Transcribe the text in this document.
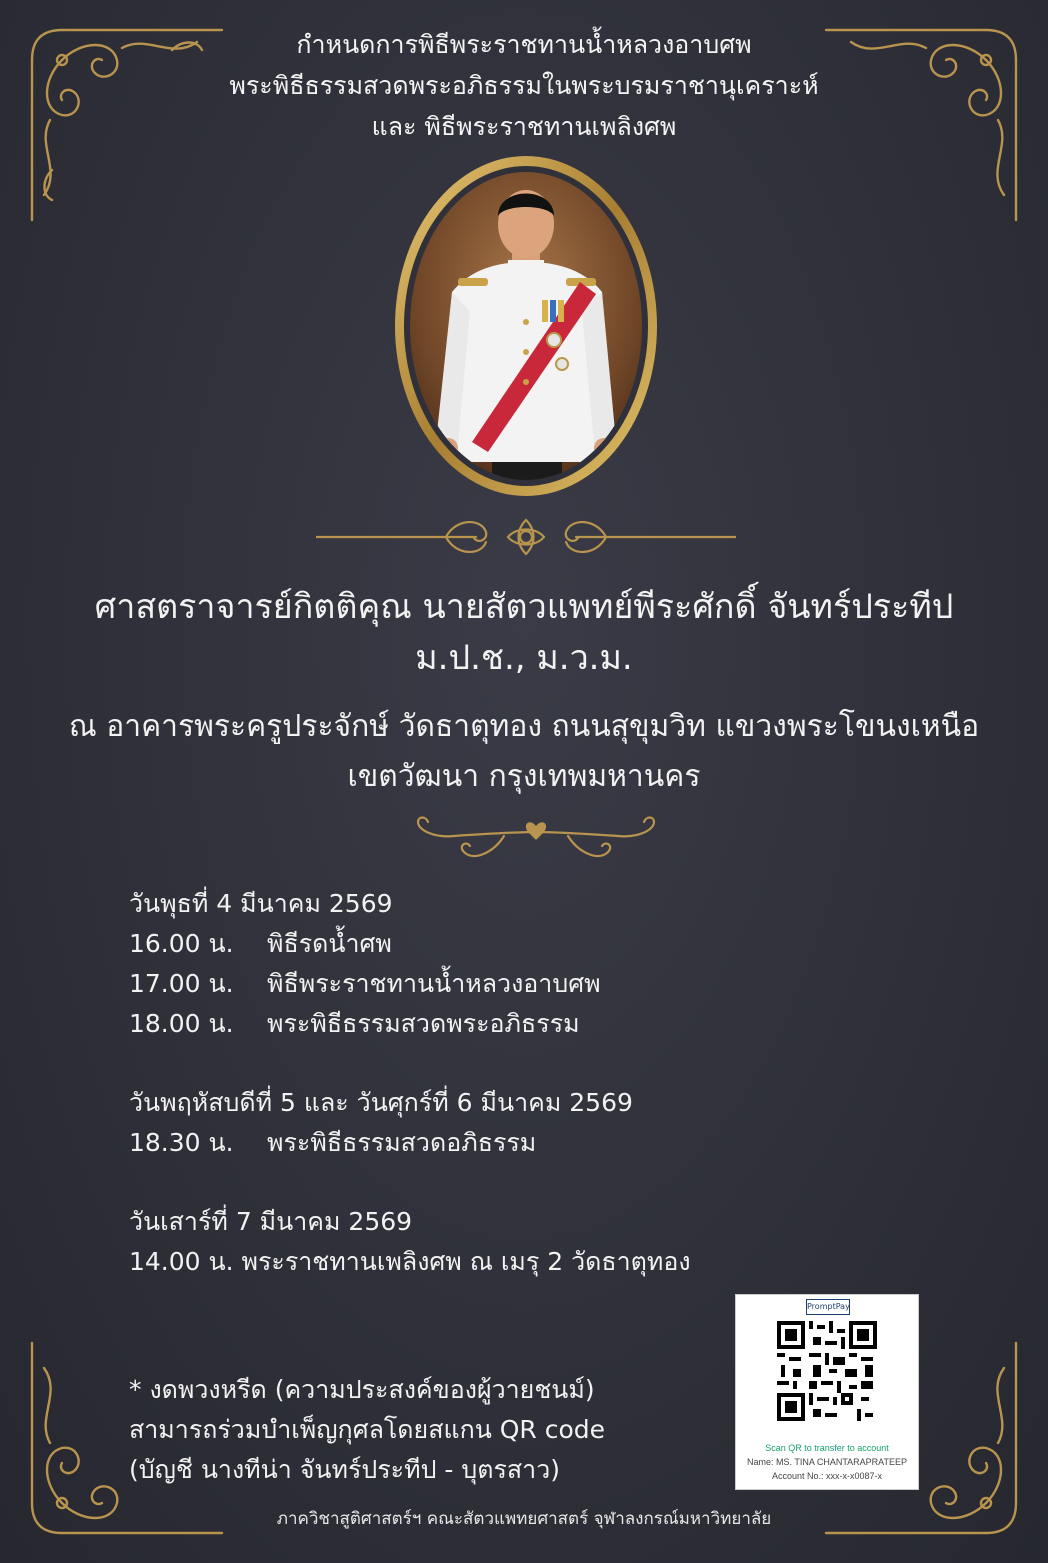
กำหนดการพิธีพระราชทานน้ำหลวงอาบศพ
พระพิธีธรรมสวดพระอภิธรรมในพระบรมราชานุเคราะห์
และ พิธีพระราชทานเพลิงศพ
ศาสตราจารย์กิตติคุณ นายสัตวแพทย์พีระศักดิ์ จันทร์ประทีป
ม.ป.ช., ม.ว.ม.
ณ อาคารพระครูประจักษ์ วัดธาตุทอง ถนนสุขุมวิท แขวงพระโขนงเหนือ
เขตวัฒนา กรุงเทพมหานคร
วันพุธที่ 4 มีนาคม 2569
16.00 น. พิธีรดน้ำศพ
17.00 น. พิธีพระราชทานน้ำหลวงอาบศพ
18.00 น. พระพิธีธรรมสวดพระอภิธรรม
วันพฤหัสบดีที่ 5 และ วันศุกร์ที่ 6 มีนาคม 2569
18.30 น. พระพิธีธรรมสวดอภิธรรม
วันเสาร์ที่ 7 มีนาคม 2569
14.00 น. พระราชทานเพลิงศพ ณ เมรุ 2 วัดธาตุทอง
* งดพวงหรีด (ความประสงค์ของผู้วายชนม์)
สามารถร่วมบำเพ็ญกุศลโดยสแกน QR code
(บัญชี นางทีน่า จันทร์ประทีป - บุตรสาว)
PromptPay
Scan QR to transfer to account
Name: MS. TINA CHANTARAPRATEEP
Account No.: xxx-x-x0087-x
ภาควิชาสูติศาสตร์ฯ คณะสัตวแพทยศาสตร์ จุฬาลงกรณ์มหาวิทยาลัย
